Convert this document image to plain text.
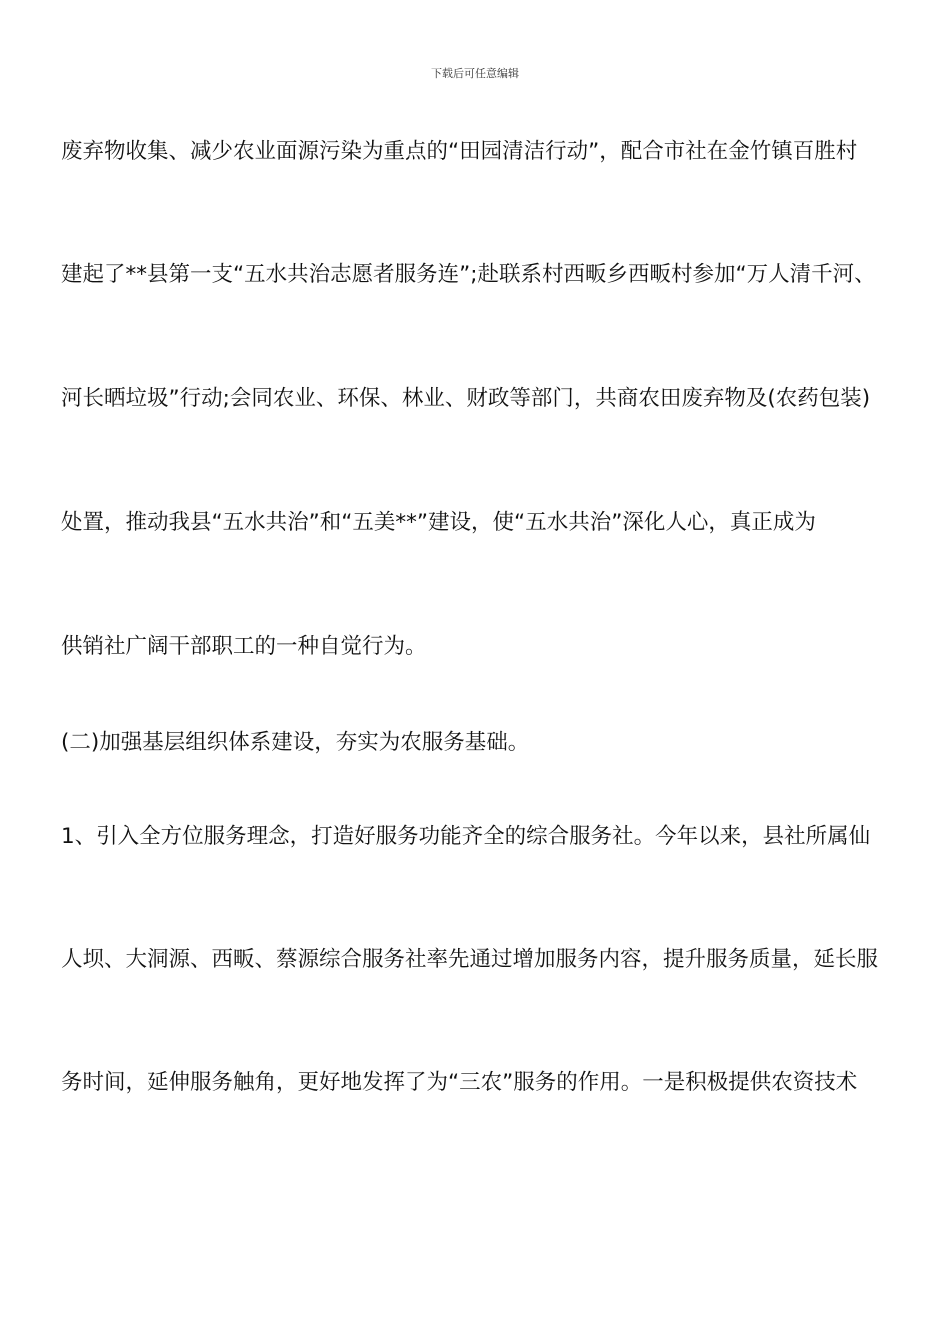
下载后可任意编辑
废弃物收集、减少农业面源污染为重点的“田园清洁行动”，配合市社在金竹镇百胜村
建起了**县第一支“五水共治志愿者服务连”;赴联系村西畈乡西畈村参加“万人清千河、
河长晒垃圾”行动;会同农业、环保、林业、财政等部门，共商农田废弃物及(农药包装)
处置，推动我县“五水共治”和“五美**”建设，使“五水共治”深化人心，真正成为
供销社广阔干部职工的一种自觉行为。
(二)加强基层组织体系建设，夯实为农服务基础。
1、引入全方位服务理念，打造好服务功能齐全的综合服务社。今年以来，县社所属仙
人坝、大洞源、西畈、蔡源综合服务社率先通过增加服务内容，提升服务质量，延长服
务时间，延伸服务触角，更好地发挥了为“三农”服务的作用。一是积极提供农资技术
